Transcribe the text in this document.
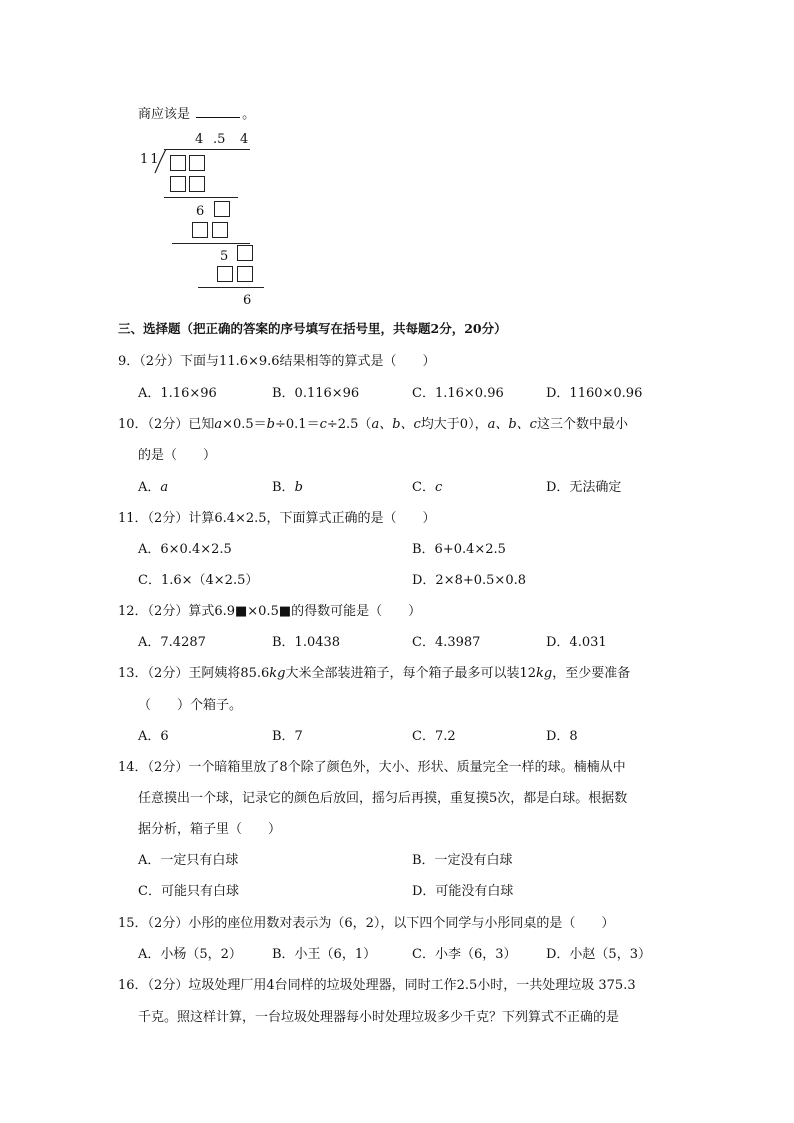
商应该是	。
4 .5 4
11
6
5
6
三、选择题（把正确的答案的序号填写在括号里，共每题2分，20分）
9．（2分）下面与11.6×9.6结果相等的算式是（　　）
A．1.16×96	B．0.116×96	C．1.16×0.96	D．1160×0.96
10．（2分）已知a×0.5＝b÷0.1＝c÷2.5（a、b、c均大于0），a、b、c这三个数中最小
的是（　　）
A．a	B．b	C．c	D．无法确定
11．（2分）计算6.4×2.5，下面算式正确的是（　　）
A．6×0.4×2.5	B．6+0.4×2.5
C．1.6×（4×2.5）	D．2×8+0.5×0.8
12．（2分）算式6.9■×0.5■的得数可能是（　　）
A．7.4287	B．1.0438	C．4.3987	D．4.031
13．（2分）王阿姨将85.6kg大米全部装进箱子，每个箱子最多可以装12kg，至少要准备
（　　）个箱子。
A．6	B．7	C．7.2	D．8
14．（2分）一个暗箱里放了8个除了颜色外，大小、形状、质量完全一样的球。楠楠从中
任意摸出一个球，记录它的颜色后放回，摇匀后再摸，重复摸5次，都是白球。根据数
据分析，箱子里（　　）
A．一定只有白球	B．一定没有白球
C．可能只有白球	D．可能没有白球
15．（2分）小彤的座位用数对表示为（6，2），以下四个同学与小彤同桌的是（　　）
A．小杨（5，2） B．小王（6，1）	C．小李（6，3） D．小赵（5，3）
16．（2分）垃圾处理厂用4台同样的垃圾处理器，同时工作2.5小时，一共处理垃圾 375.3
千克。照这样计算，一台垃圾处理器每小时处理垃圾多少千克？下列算式不正确的是
